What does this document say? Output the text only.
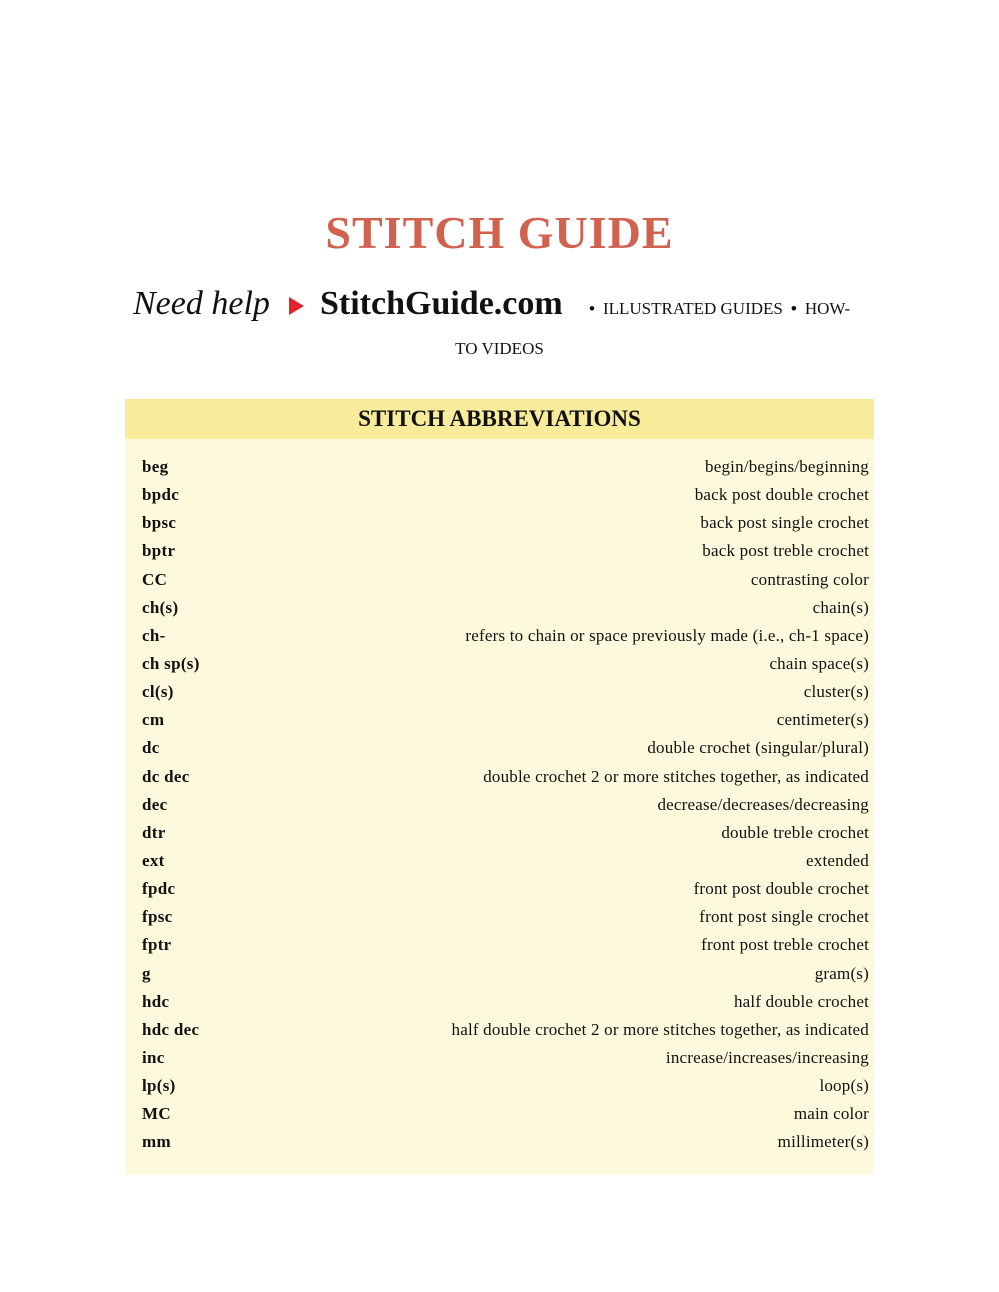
STITCH GUIDE
Need help StitchGuide.com	• ILLUSTRATED GUIDES • HOW-
TO VIDEOS
STITCH ABBREVIATIONS
beg	begin/begins/beginning
bpdc	back post double crochet
bpsc	back post single crochet
bptr	back post treble crochet
CC	contrasting color
ch(s)	chain(s)
ch-	refers to chain or space previously made (i.e., ch-1 space)
ch sp(s)	chain space(s)
cl(s)	cluster(s)
cm	centimeter(s)
dc	double crochet (singular/plural)
dc dec	double crochet 2 or more stitches together, as indicated
dec	decrease/decreases/decreasing
dtr	double treble crochet
ext	extended
fpdc	front post double crochet
fpsc	front post single crochet
fptr	front post treble crochet
g	gram(s)
hdc	half double crochet
hdc dec	half double crochet 2 or more stitches together, as indicated
inc	increase/increases/increasing
lp(s)	loop(s)
MC	main color
mm	millimeter(s)
